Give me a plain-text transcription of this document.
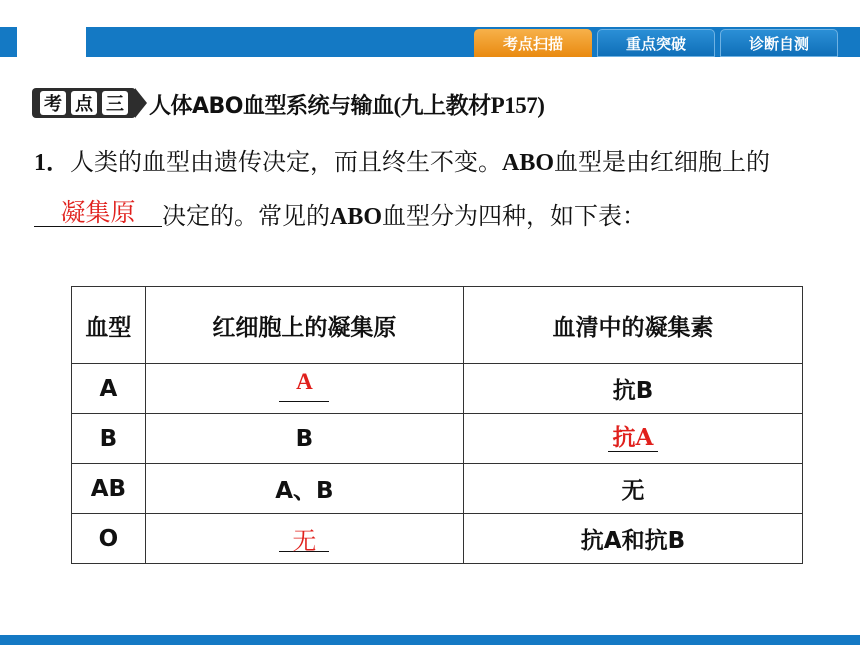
考点扫描	重点突破	诊断自测
考 点 三 人体ABO血型系统与输血(九上教材P157)
1．人类的血型由遗传决定，而且终生不变。ABO血型是由红细胞上的
凝集原	决定的。常见的ABO血型分为四种，如下表：
血型	红细胞上的凝集原	血清中的凝集素
A	A	抗B
B	B	抗A

AB	A、B	无
O	无	抗A和抗B
